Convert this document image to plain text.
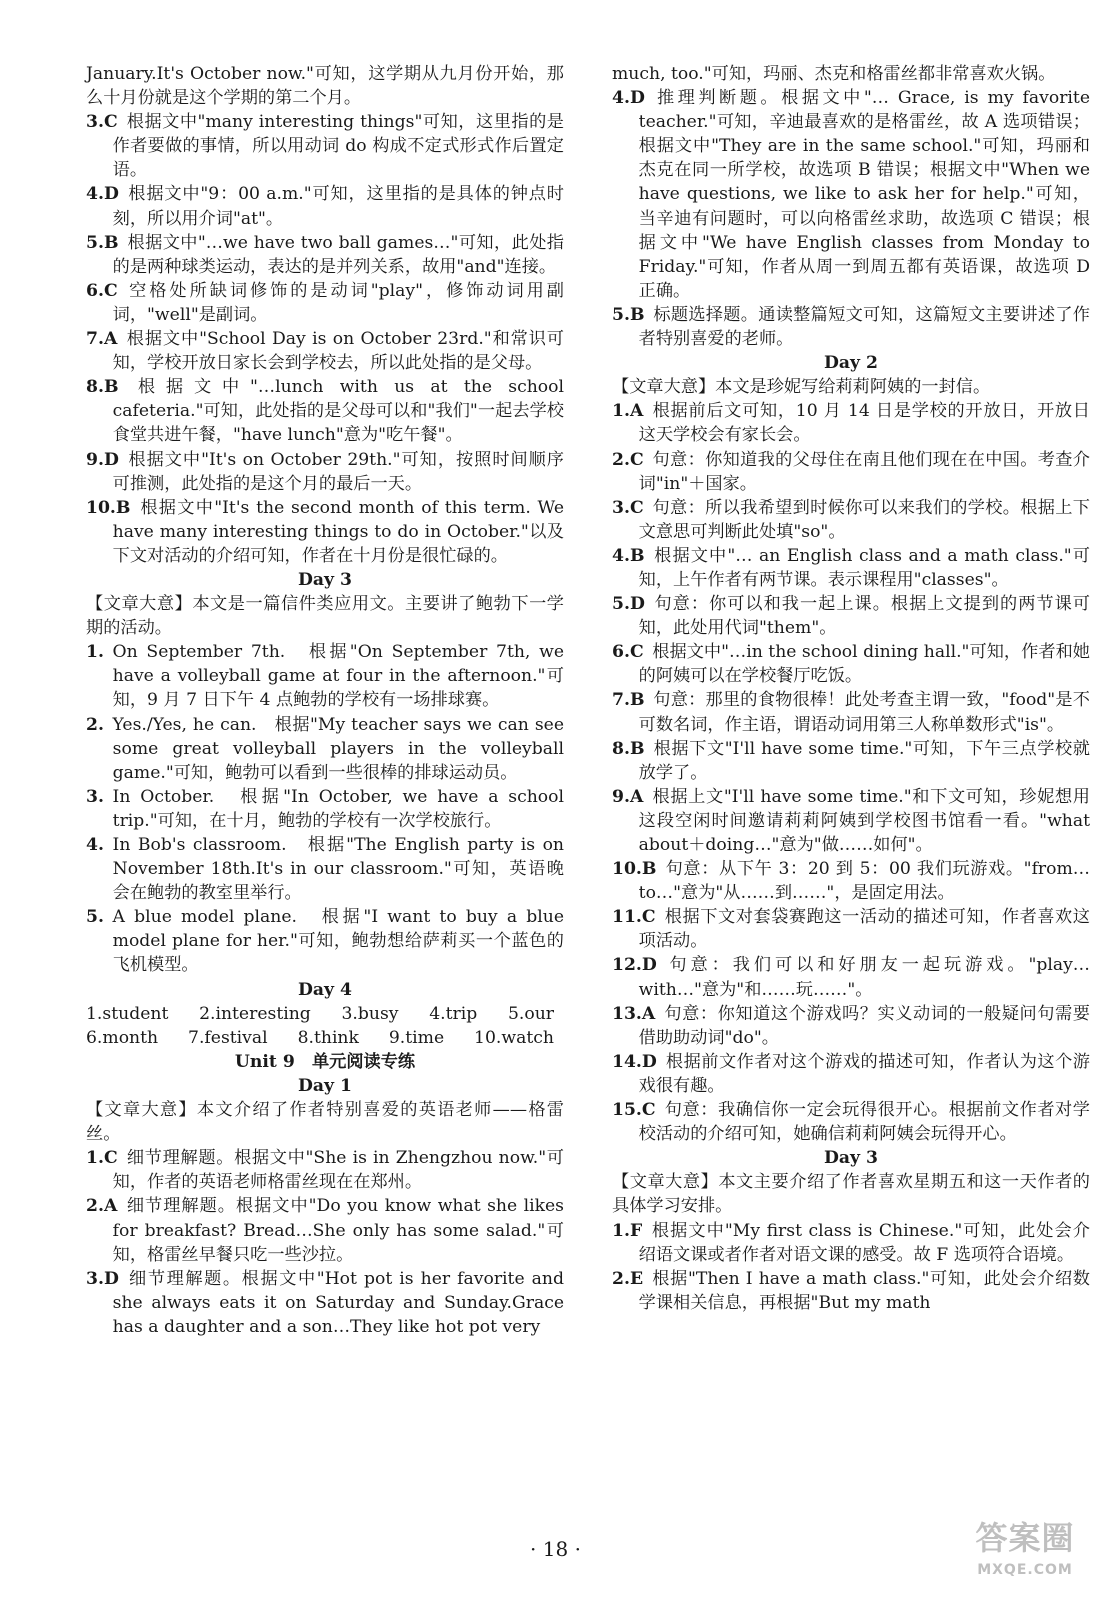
January.It's October now."可知，这学期从九月份开始，那么十月份就是这个学期的第二个月。
3.C  根据文中"many interesting things"可知，这里指的是作者要做的事情，所以用动词 do 构成不定式形式作后置定语。
4.D  根据文中"9：00 a.m."可知，这里指的是具体的钟点时刻，所以用介词"at"。
5.B  根据文中"…we have two ball games…"可知，此处指的是两种球类运动，表达的是并列关系，故用"and"连接。
6.C  空格处所缺词修饰的是动词"play"，修饰动词用副词，"well"是副词。
7.A  根据文中"School Day is on October 23rd."和常识可知，学校开放日家长会到学校去，所以此处指的是父母。
8.B  根据文中"…lunch with us at the school cafeteria."可知，此处指的是父母可以和"我们"一起去学校食堂共进午餐，"have lunch"意为"吃午餐"。
9.D  根据文中"It's on October 29th."可知，按照时间顺序可推测，此处指的是这个月的最后一天。
10.B  根据文中"It's the second month of this term. We have many interesting things to do in October."以及下文对活动的介绍可知，作者在十月份是很忙碌的。
Day 3
【文章大意】本文是一篇信件类应用文。主要讲了鲍勃下一学期的活动。
1.  On September 7th.　根据"On September 7th, we have a volleyball game at four in the afternoon."可知，9 月 7 日下午 4 点鲍勃的学校有一场排球赛。
2.  Yes./Yes, he can.　根据"My teacher says we can see some great volleyball players in the volleyball game."可知，鲍勃可以看到一些很棒的排球运动员。
3.  In October.　根据"In October, we have a school trip."可知，在十月，鲍勃的学校有一次学校旅行。
4.  In Bob's classroom.　根据"The English party is on November 18th.It's in our classroom."可知，英语晚会在鲍勃的教室里举行。
5.  A blue model plane.　根据"I want to buy a blue model plane for her."可知，鲍勃想给萨莉买一个蓝色的飞机模型。
Day 4
1.student 2.interesting 3.busy 4.trip 5.our
6.month 7.festival 8.think 9.time 10.watch
Unit 9　单元阅读专练
Day 1
【文章大意】本文介绍了作者特别喜爱的英语老师——格雷丝。
1.C  细节理解题。根据文中"She is in Zhengzhou now."可知，作者的英语老师格雷丝现在在郑州。
2.A  细节理解题。根据文中"Do you know what she likes for breakfast? Bread…She only has some salad."可知，格雷丝早餐只吃一些沙拉。
3.D  细节理解题。根据文中"Hot pot is her favorite and she always eats it on Saturday and Sunday.Grace has a daughter and a son…They like hot pot very
much, too."可知，玛丽、杰克和格雷丝都非常喜欢火锅。
4.D  推理判断题。根据文中"… Grace, is my favorite teacher."可知，辛迪最喜欢的是格雷丝，故 A 选项错误；根据文中"They are in the same school."可知，玛丽和杰克在同一所学校，故选项 B 错误；根据文中"When we have questions, we like to ask her for help."可知，当辛迪有问题时，可以向格雷丝求助，故选项 C 错误；根据文中"We have English classes from Monday to Friday."可知，作者从周一到周五都有英语课，故选项 D 正确。
5.B  标题选择题。通读整篇短文可知，这篇短文主要讲述了作者特别喜爱的老师。
Day 2
【文章大意】本文是珍妮写给莉莉阿姨的一封信。
1.A  根据前后文可知，10 月 14 日是学校的开放日，开放日这天学校会有家长会。
2.C  句意：你知道我的父母住在南且他们现在在中国。考查介词"in"＋国家。
3.C  句意：所以我希望到时候你可以来我们的学校。根据上下文意思可判断此处填"so"。
4.B  根据文中"… an English class and a math class."可知，上午作者有两节课。表示课程用"classes"。
5.D  句意：你可以和我一起上课。根据上文提到的两节课可知，此处用代词"them"。
6.C  根据文中"…in the school dining hall."可知，作者和她的阿姨可以在学校餐厅吃饭。
7.B  句意：那里的食物很棒！此处考查主谓一致，"food"是不可数名词，作主语，谓语动词用第三人称单数形式"is"。
8.B  根据下文"I'll have some time."可知，下午三点学校就放学了。
9.A  根据上文"I'll have some time."和下文可知，珍妮想用这段空闲时间邀请莉莉阿姨到学校图书馆看一看。"what about＋doing…"意为"做……如何"。
10.B  句意：从下午 3：20 到 5：00 我们玩游戏。"from…to…"意为"从……到……"，是固定用法。
11.C  根据下文对套袋赛跑这一活动的描述可知，作者喜欢这项活动。
12.D  句意：我们可以和好朋友一起玩游戏。"play…with…"意为"和……玩……"。
13.A  句意：你知道这个游戏吗？实义动词的一般疑问句需要借助助动词"do"。
14.D  根据前文作者对这个游戏的描述可知，作者认为这个游戏很有趣。
15.C  句意：我确信你一定会玩得很开心。根据前文作者对学校活动的介绍可知，她确信莉莉阿姨会玩得开心。
Day 3
【文章大意】本文主要介绍了作者喜欢星期五和这一天作者的具体学习安排。
1.F  根据文中"My first class is Chinese."可知，此处会介绍语文课或者作者对语文课的感受。故 F 选项符合语境。
2.E  根据"Then I have a math class."可知，此处会介绍数学课相关信息，再根据"But my math
· 18 ·	答案圈
MXQE.COM
